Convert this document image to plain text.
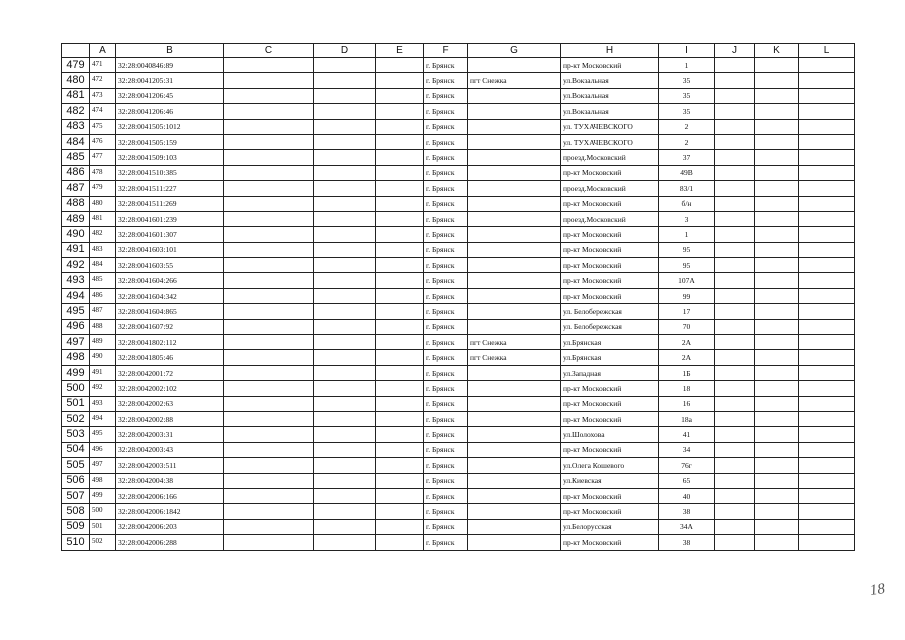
	A	B	C	D	E	F	G	H	I	J	K	L
479	471	32:28:0040846:89				г. Брянск		пр-кт Московский	1			
480	472	32:28:0041205:31				г. Брянск	пгт Снежка	ул.Вокзальная	35			
481	473	32:28:0041206:45				г. Брянск		ул.Вокзальная	35			
482	474	32:28:0041206:46				г. Брянск		ул.Вокзальная	35			
483	475	32:28:0041505:1012				г. Брянск		ул. ТУХАЧЕВСКОГО	2			
484	476	32:28:0041505:159				г. Брянск		ул. ТУХАЧЕВСКОГО	2			
485	477	32:28:0041509:103				г. Брянск		проезд.Московский	37			
486	478	32:28:0041510:385				г. Брянск		пр-кт Московский	49В			
487	479	32:28:0041511:227				г. Брянск		проезд.Московский	83/1			
488	480	32:28:0041511:269				г. Брянск		пр-кт Московский	б/н			
489	481	32:28:0041601:239				г. Брянск		проезд.Московский	3			
490	482	32:28:0041601:307				г. Брянск		пр-кт Московский	1			
491	483	32:28:0041603:101				г. Брянск		пр-кт Московский	95			
492	484	32:28:0041603:55				г. Брянск		пр-кт Московский	95			
493	485	32:28:0041604:266				г. Брянск		пр-кт Московский	107А			
494	486	32:28:0041604:342				г. Брянск		пр-кт Московский	99			
495	487	32:28:0041604:865				г. Брянск		ул. Белобережская	17			
496	488	32:28:0041607:92				г. Брянск		ул. Белобережская	70			
497	489	32:28:0041802:112				г. Брянск	пгт Снежка	ул.Брянская	2А			
498	490	32:28:0041805:46				г. Брянск	пгт Снежка	ул.Брянская	2А			
499	491	32:28:0042001:72				г. Брянск		ул.Западная	1Б			
500	492	32:28:0042002:102				г. Брянск		пр-кт Московский	18			
501	493	32:28:0042002:63				г. Брянск		пр-кт Московский	16			
502	494	32:28:0042002:88				г. Брянск		пр-кт Московский	18а			
503	495	32:28:0042003:31				г. Брянск		ул.Шолохова	41			
504	496	32:28:0042003:43				г. Брянск		пр-кт Московский	34			
505	497	32:28:0042003:511				г. Брянск		ул.Олега Кошевого	76г			
506	498	32:28:0042004:38				г. Брянск		ул.Киевская	65			
507	499	32:28:0042006:166				г. Брянск		пр-кт Московский	40			
508	500	32:28:0042006:1842				г. Брянск		пр-кт Московский	38			
509	501	32:28:0042006:203				г. Брянск		ул.Белорусская	34А			
510	502	32:28:0042006:288				г. Брянск		пр-кт Московский	38			
18
